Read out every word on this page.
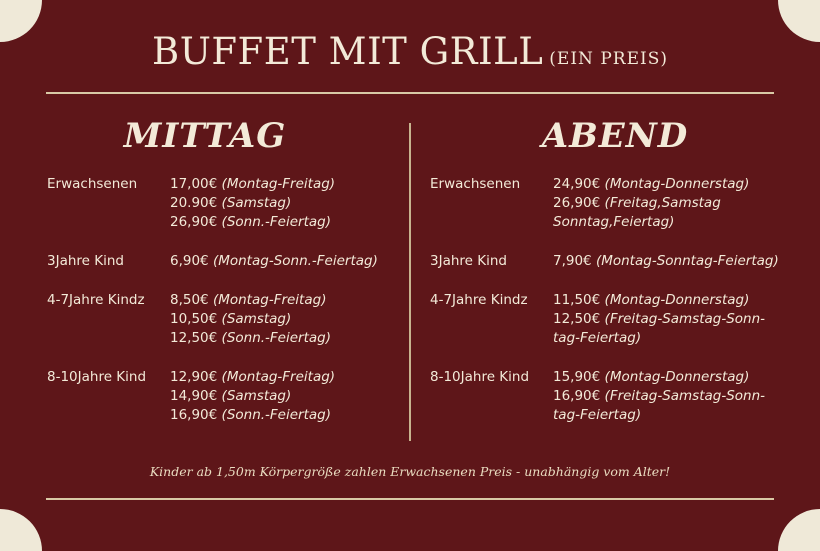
BUFFET MIT GRILL (EIN PREIS)
MITTAG	ABEND
Erwachsenen	17,00€ (Montag-Freitag)
20.90€ (Samstag)
26,90€ (Sonn.-Feiertag)
3Jahre Kind	6,90€ (Montag-Sonn.-Feiertag)
4-7Jahre Kindz	8,50€ (Montag-Freitag)
10,50€ (Samstag)
12,50€ (Sonn.-Feiertag)
8-10Jahre Kind	12,90€ (Montag-Freitag)
14,90€ (Samstag)
16,90€ (Sonn.-Feiertag)
Erwachsenen	24,90€ (Montag-Donnerstag)
26,90€ (Freitag,Samstag
Sonntag,Feiertag)
3Jahre Kind	7,90€ (Montag-Sonntag-Feiertag)
4-7Jahre Kindz	11,50€ (Montag-Donnerstag)
12,50€ (Freitag-Samstag-Sonn-
tag-Feiertag)
8-10Jahre Kind	15,90€ (Montag-Donnerstag)
16,90€ (Freitag-Samstag-Sonn-
tag-Feiertag)
Kinder ab 1,50m Körpergröße zahlen Erwachsenen Preis - unabhängig vom Alter!
